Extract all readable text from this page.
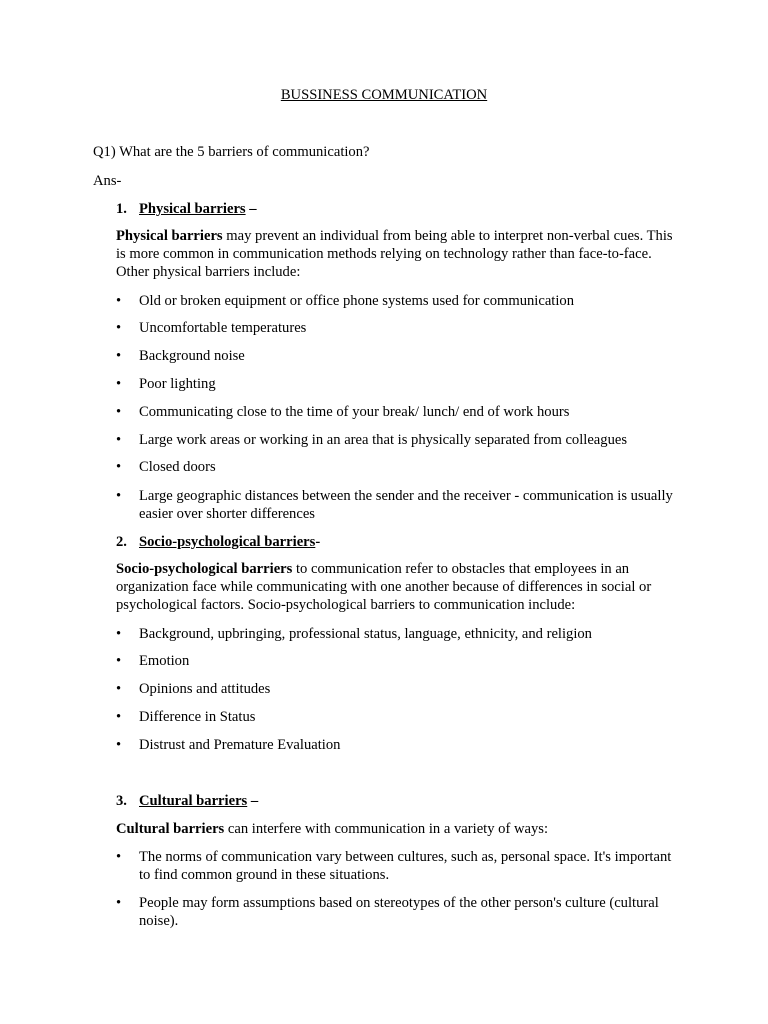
BUSSINESS COMMUNICATION

Q1) What are the 5 barriers of communication?

Ans-

1. Physical barriers –

Physical barriers may prevent an individual from being able to interpret non-verbal cues. This is more common in communication methods relying on technology rather than face-to-face. Other physical barriers include:

• Old or broken equipment or office phone systems used for communication
• Uncomfortable temperatures
• Background noise
• Poor lighting
• Communicating close to the time of your break/ lunch/ end of work hours
• Large work areas or working in an area that is physically separated from colleagues
• Closed doors
• Large geographic distances between the sender and the receiver - communication is usually easier over shorter differences

2. Socio-psychological barriers-

Socio-psychological barriers to communication refer to obstacles that employees in an organization face while communicating with one another because of differences in social or psychological factors. Socio-psychological barriers to communication include:

• Background, upbringing, professional status, language, ethnicity, and religion
• Emotion
• Opinions and attitudes
• Difference in Status
• Distrust and Premature Evaluation

3. Cultural barriers –

Cultural barriers can interfere with communication in a variety of ways:

• The norms of communication vary between cultures, such as, personal space. It's important to find common ground in these situations.
• People may form assumptions based on stereotypes of the other person's culture (cultural noise).
